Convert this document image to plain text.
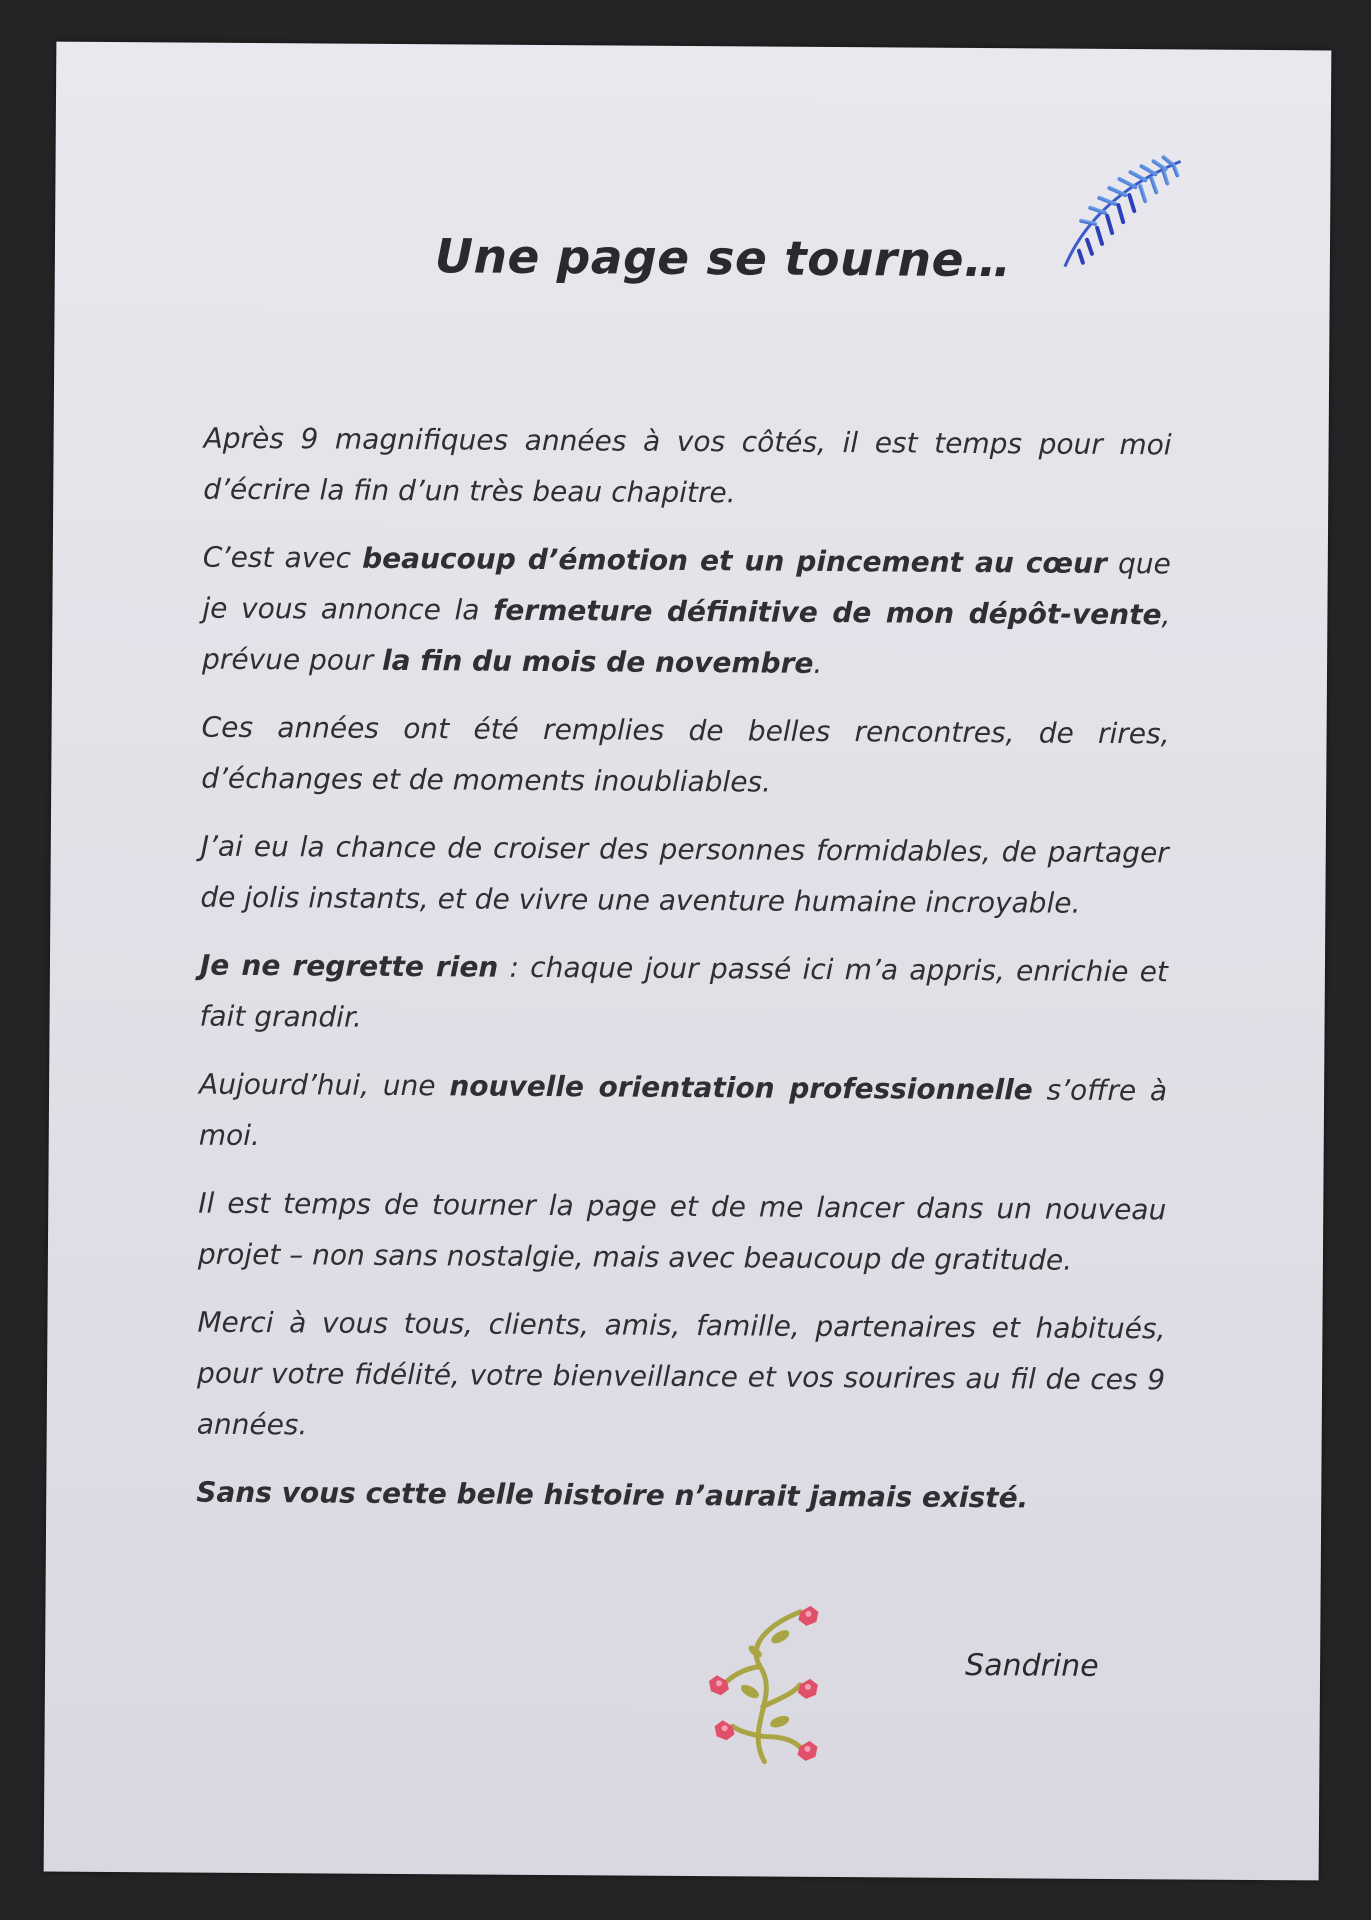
Une page se tourne…

Après 9 magnifiques années à vos côtés, il est temps pour moi d’écrire la fin d’un très beau chapitre.

C’est avec beaucoup d’émotion et un pincement au cœur que je vous annonce la fermeture définitive de mon dépôt-vente, prévue pour la fin du mois de novembre.

Ces années ont été remplies de belles rencontres, de rires, d’échanges et de moments inoubliables.

J’ai eu la chance de croiser des personnes formidables, de partager de jolis instants, et de vivre une aventure humaine incroyable.

Je ne regrette rien : chaque jour passé ici m’a appris, enrichie et fait grandir.

Aujourd’hui, une nouvelle orientation professionnelle s’offre à moi.

Il est temps de tourner la page et de me lancer dans un nouveau projet – non sans nostalgie, mais avec beaucoup de gratitude.

Merci à vous tous, clients, amis, famille, partenaires et habitués, pour votre fidélité, votre bienveillance et vos sourires au fil de ces 9 années.

Sans vous cette belle histoire n’aurait jamais existé.

Sandrine
